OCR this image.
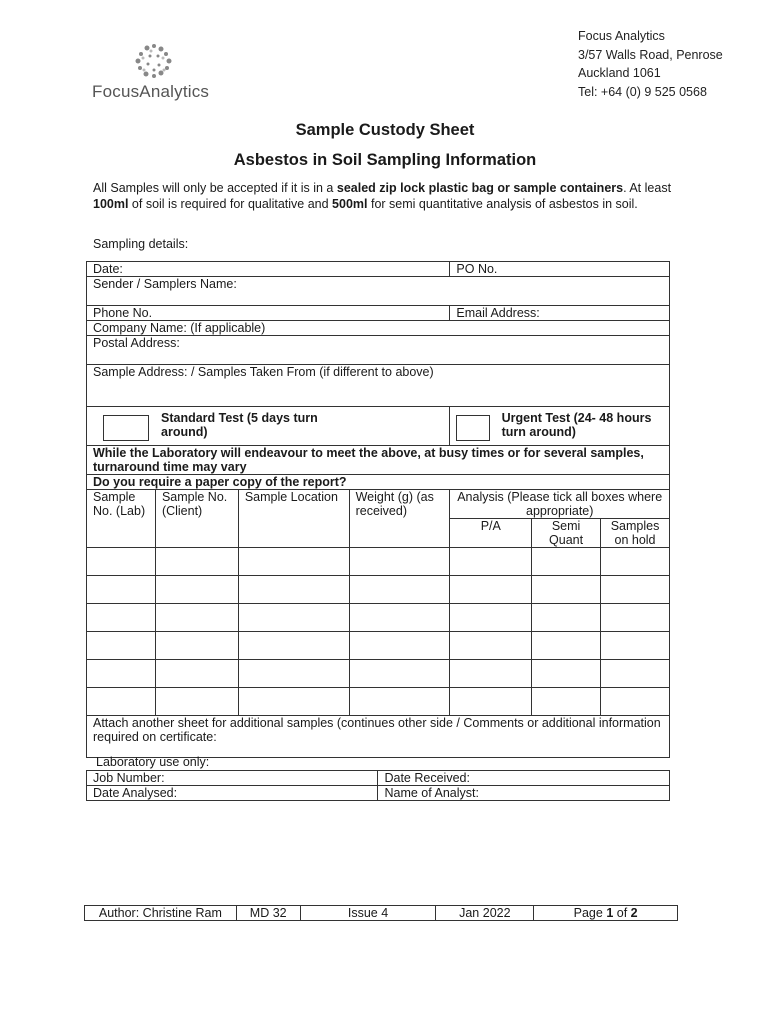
FocusAnalytics
Focus Analytics
3/57 Walls Road, Penrose
Auckland 1061
Tel: +64 (0) 9 525 0568
Sample Custody Sheet
Asbestos in Soil Sampling Information
All Samples will only be accepted if it is in a sealed zip lock plastic bag or sample containers. At least 100ml of soil is required for qualitative and 500ml for semi quantitative analysis of asbestos in soil.
Sampling details:
Date:				PO No.		
Sender / Samplers Name:						
Phone No.				Email Address:		
Company Name: (If applicable)						
Postal Address:						
Sample Address: / Samples Taken From (if different to above)						

Standard Test (5 days turn around)				Urgent Test (24- 48 hours turn around)		

While the Laboratory will endeavour to meet the above, at busy times or for several samples, turnaround time may vary						
Do you require a paper copy of the report?						
Sample No. (Lab)	Sample No. (Client)	Sample Location	Weight (g) (as received)	Analysis (Please tick all boxes where appropriate)		
				P/A	Semi Quant	Samples on hold

Attach another sheet for additional samples (continues other side / Comments or additional information required on certificate:						
Laboratory use only:
Job Number:	Date Received:
Date Analysed:	Name of Analyst:
Author: Christine Ram	MD 32	Issue 4	Jan 2022	Page 1 of 2
